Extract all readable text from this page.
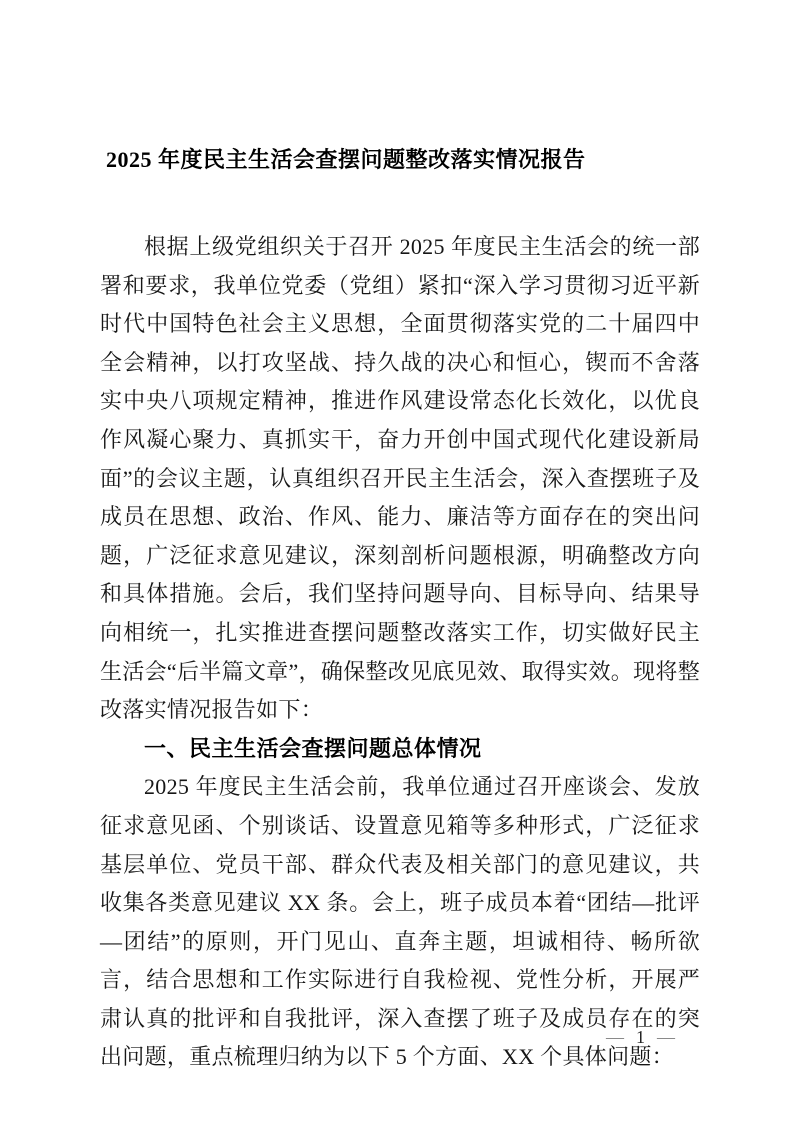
2025 年度民主生活会查摆问题整改落实情况报告

根据上级党组织关于召开 2025 年度民主生活会的统一部署和要求，我单位党委（党组）紧扣“深入学习贯彻习近平新时代中国特色社会主义思想，全面贯彻落实党的二十届四中全会精神，以打攻坚战、持久战的决心和恒心，锲而不舍落实中央八项规定精神，推进作风建设常态化长效化，以优良作风凝心聚力、真抓实干，奋力开创中国式现代化建设新局面”的会议主题，认真组织召开民主生活会，深入查摆班子及成员在思想、政治、作风、能力、廉洁等方面存在的突出问题，广泛征求意见建议，深刻剖析问题根源，明确整改方向和具体措施。会后，我们坚持问题导向、目标导向、结果导向相统一，扎实推进查摆问题整改落实工作，切实做好民主生活会“后半篇文章”，确保整改见底见效、取得实效。现将整改落实情况报告如下：

一、民主生活会查摆问题总体情况

2025 年度民主生活会前，我单位通过召开座谈会、发放征求意见函、个别谈话、设置意见箱等多种形式，广泛征求基层单位、党员干部、群众代表及相关部门的意见建议，共收集各类意见建议 XX 条。会上，班子成员本着“团结—批评—团结”的原则，开门见山、直奔主题，坦诚相待、畅所欲言，结合思想和工作实际进行自我检视、党性分析，开展严肃认真的批评和自我批评，深入查摆了班子及成员存在的突出问题，重点梳理归纳为以下 5 个方面、XX 个具体问题：

— 1 —
